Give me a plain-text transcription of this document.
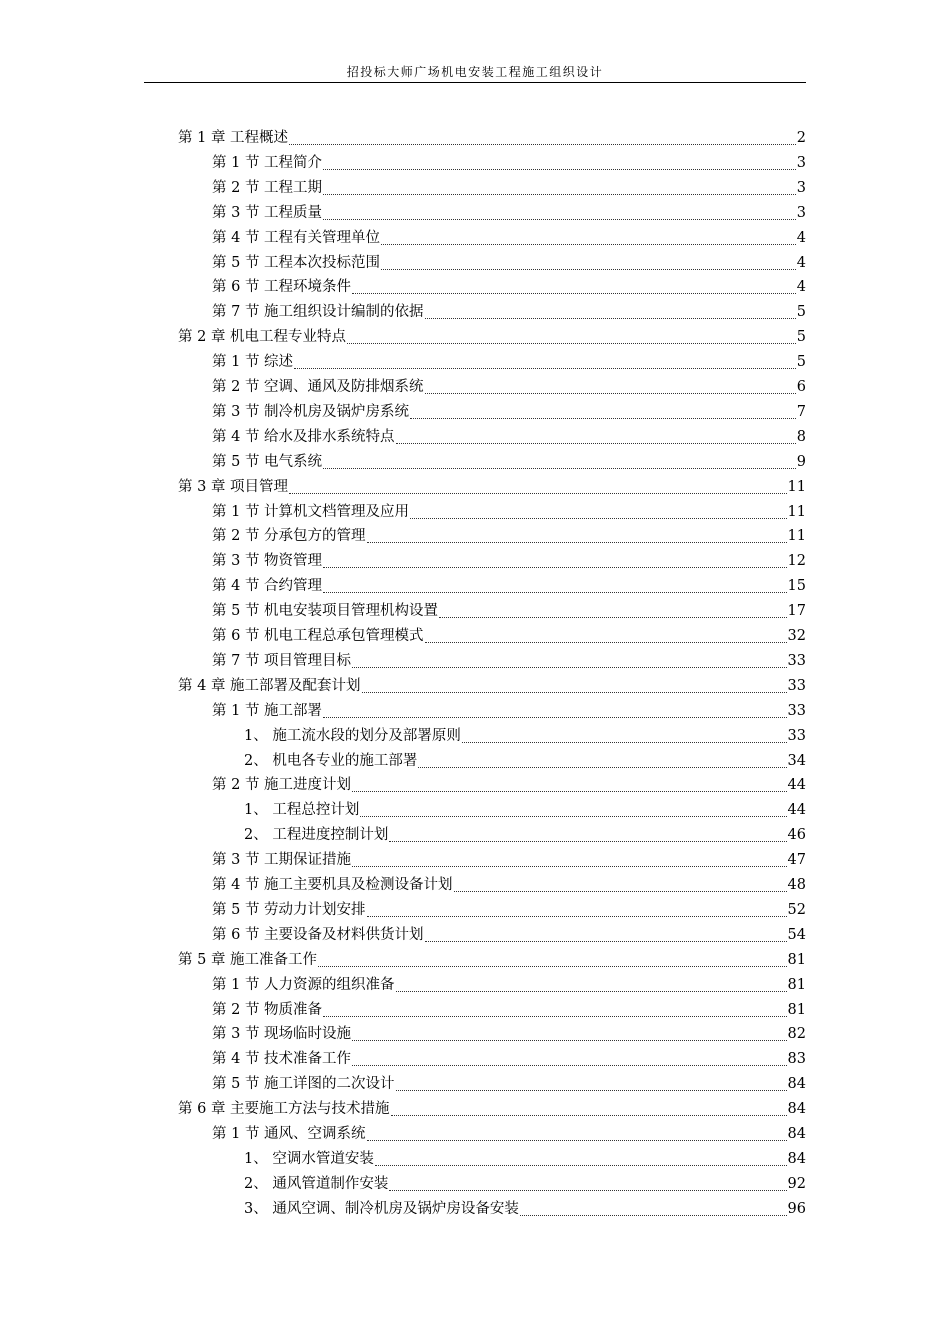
招投标大师广场机电安装工程施工组织设计
第 1 章 工程概述	2
第 1 节 工程简介	3
第 2 节 工程工期	3
第 3 节 工程质量	3
第 4 节 工程有关管理单位	4
第 5 节 工程本次投标范围	4
第 6 节 工程环境条件	4
第 7 节 施工组织设计编制的依据	5
第 2 章 机电工程专业特点	5
第 1 节 综述	5
第 2 节 空调、通风及防排烟系统	6
第 3 节 制冷机房及锅炉房系统	7
第 4 节 给水及排水系统特点	8
第 5 节 电气系统	9
第 3 章 项目管理	11
第 1 节 计算机文档管理及应用	11
第 2 节 分承包方的管理	11
第 3 节 物资管理	12
第 4 节 合约管理	15
第 5 节 机电安装项目管理机构设置	17
第 6 节 机电工程总承包管理模式	32
第 7 节 项目管理目标	33
第 4 章 施工部署及配套计划	33
第 1 节 施工部署	33
1、 施工流水段的划分及部署原则	33
2、 机电各专业的施工部署	34
第 2 节 施工进度计划	44
1、 工程总控计划	44
2、 工程进度控制计划	46
第 3 节 工期保证措施	47
第 4 节 施工主要机具及检测设备计划	48
第 5 节 劳动力计划安排	52
第 6 节 主要设备及材料供货计划	54
第 5 章 施工准备工作	81
第 1 节 人力资源的组织准备	81
第 2 节 物质准备	81
第 3 节 现场临时设施	82
第 4 节 技术准备工作	83
第 5 节 施工详图的二次设计	84
第 6 章 主要施工方法与技术措施	84
第 1 节 通风、空调系统	84
1、 空调水管道安装	84
2、 通风管道制作安装	92
3、 通风空调、制冷机房及锅炉房设备安装	96
